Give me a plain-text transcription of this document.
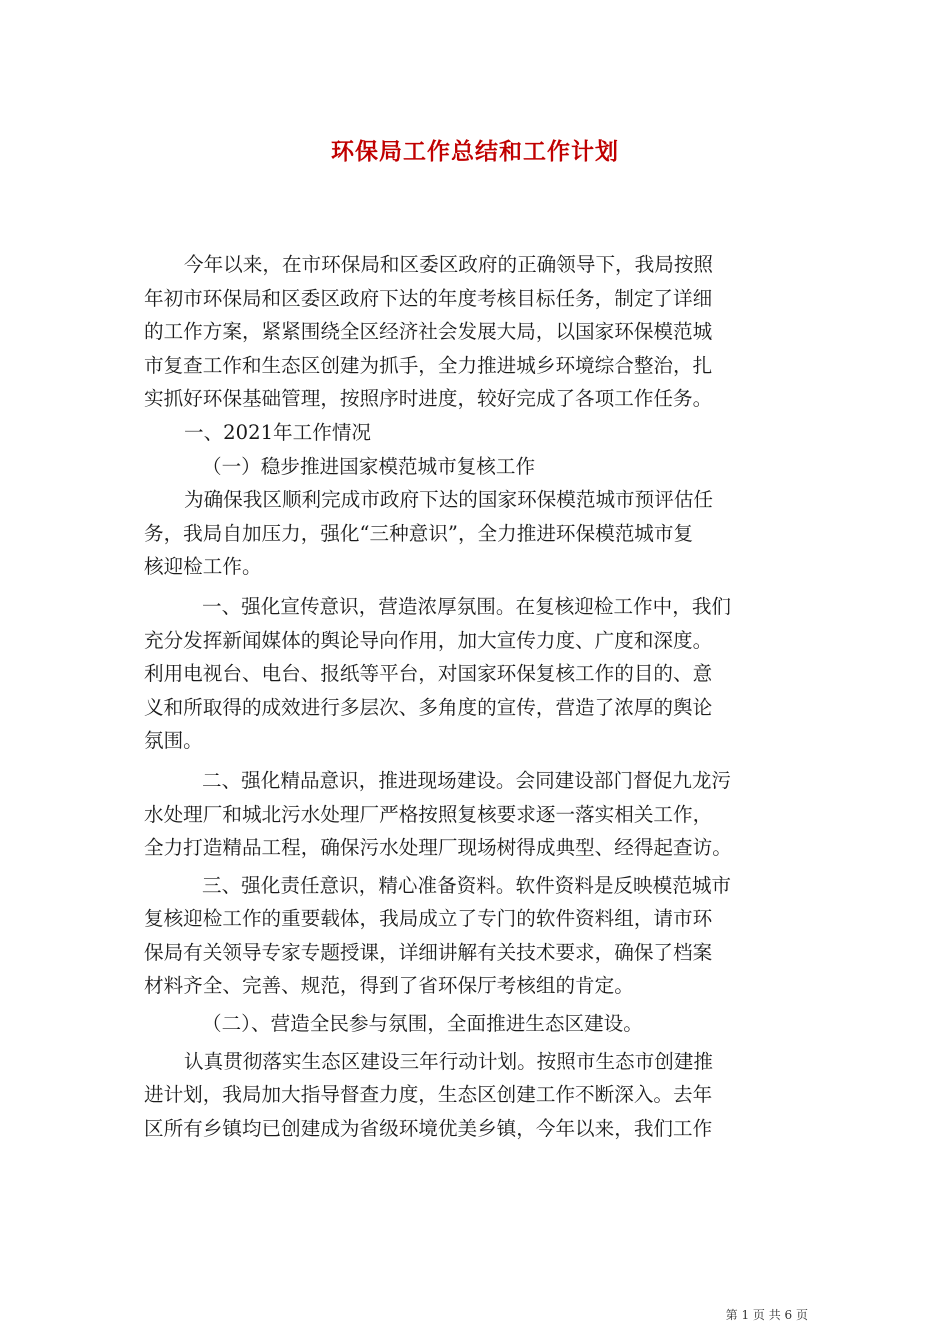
环保局工作总结和工作计划

今年以来，在市环保局和区委区政府的正确领导下，我局按照

年初市环保局和区委区政府下达的年度考核目标任务，制定了详细

的工作方案，紧紧围绕全区经济社会发展大局，以国家环保模范城

市复查工作和生态区创建为抓手，全力推进城乡环境综合整治，扎

实抓好环保基础管理，按照序时进度，较好完成了各项工作任务。

一、2021年工作情况

（一）稳步推进国家模范城市复核工作

为确保我区顺利完成市政府下达的国家环保模范城市预评估任

务，我局自加压力，强化“三种意识”，全力推进环保模范城市复

核迎检工作。

一、强化宣传意识，营造浓厚氛围。在复核迎检工作中，我们

充分发挥新闻媒体的舆论导向作用，加大宣传力度、广度和深度。

利用电视台、电台、报纸等平台，对国家环保复核工作的目的、意

义和所取得的成效进行多层次、多角度的宣传，营造了浓厚的舆论

氛围。

二、强化精品意识，推进现场建设。会同建设部门督促九龙污

水处理厂和城北污水处理厂严格按照复核要求逐一落实相关工作，

全力打造精品工程，确保污水处理厂现场树得成典型、经得起查访。

三、强化责任意识，精心准备资料。软件资料是反映模范城市

复核迎检工作的重要载体，我局成立了专门的软件资料组，请市环

保局有关领导专家专题授课，详细讲解有关技术要求，确保了档案

材料齐全、完善、规范，得到了省环保厅考核组的肯定。

（二）、营造全民参与氛围，全面推进生态区建设。

认真贯彻落实生态区建设三年行动计划。按照市生态市创建推

进计划，我局加大指导督查力度，生态区创建工作不断深入。去年

区所有乡镇均已创建成为省级环境优美乡镇，今年以来，我们工作

第 1 页 共 6 页
